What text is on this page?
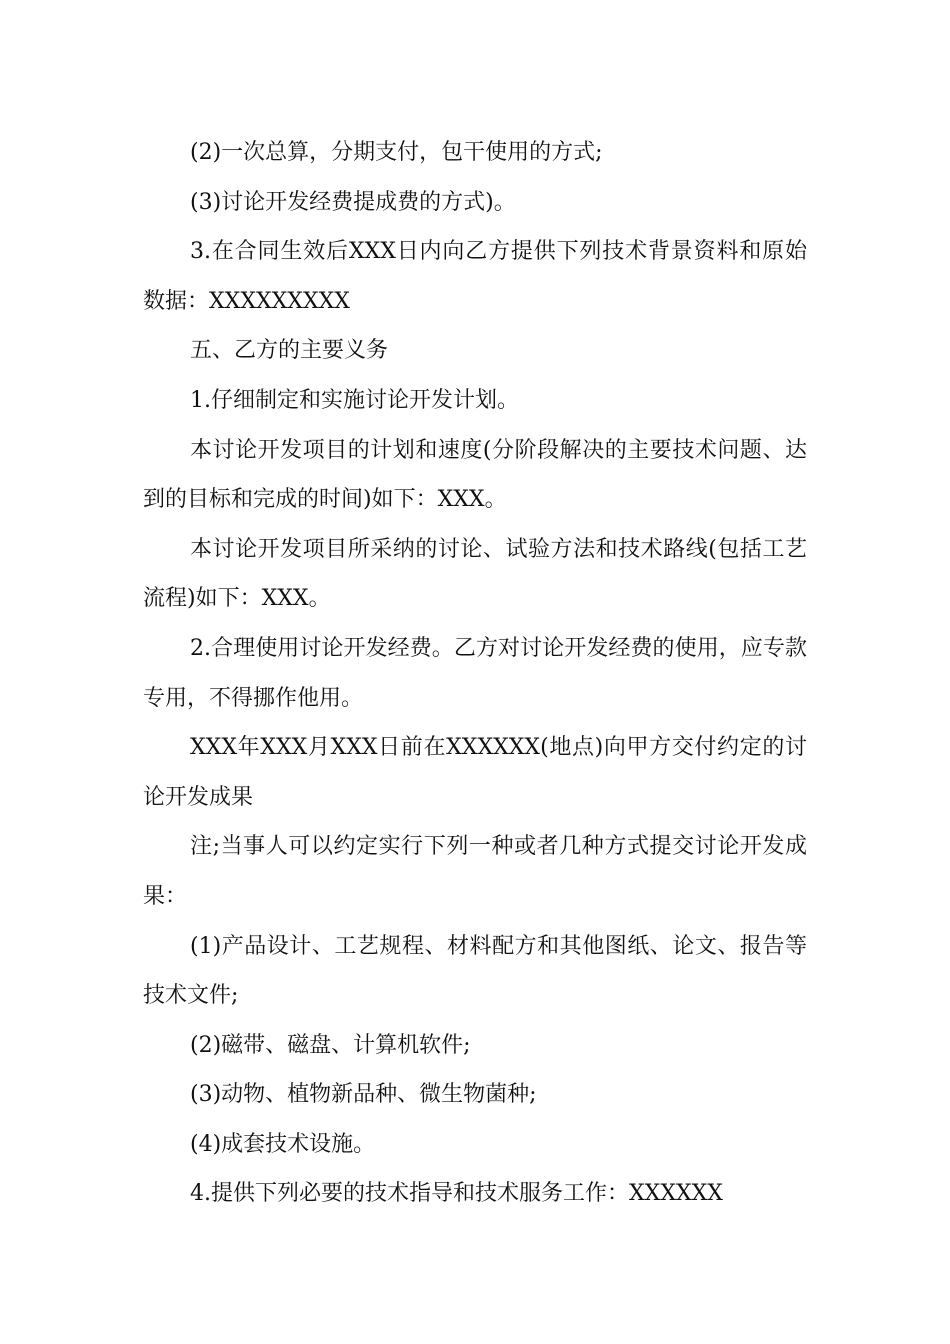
(2)一次总算，分期支付，包干使用的方式;

(3)讨论开发经费提成费的方式)。

3.在合同生效后XXX日内向乙方提供下列技术背景资料和原始数据：XXXXXXXXX

五、乙方的主要义务

1.仔细制定和实施讨论开发计划。

本讨论开发项目的计划和速度(分阶段解决的主要技术问题、达到的目标和完成的时间)如下：XXX。

本讨论开发项目所采纳的讨论、试验方法和技术路线(包括工艺流程)如下：XXX。

2.合理使用讨论开发经费。乙方对讨论开发经费的使用，应专款专用，不得挪作他用。

XXX年XXX月XXX日前在XXXXXX(地点)向甲方交付约定的讨论开发成果

注;当事人可以约定实行下列一种或者几种方式提交讨论开发成果：

(1)产品设计、工艺规程、材料配方和其他图纸、论文、报告等技术文件;

(2)磁带、磁盘、计算机软件;

(3)动物、植物新品种、微生物菌种;

(4)成套技术设施。

4.提供下列必要的技术指导和技术服务工作：XXXXXX
